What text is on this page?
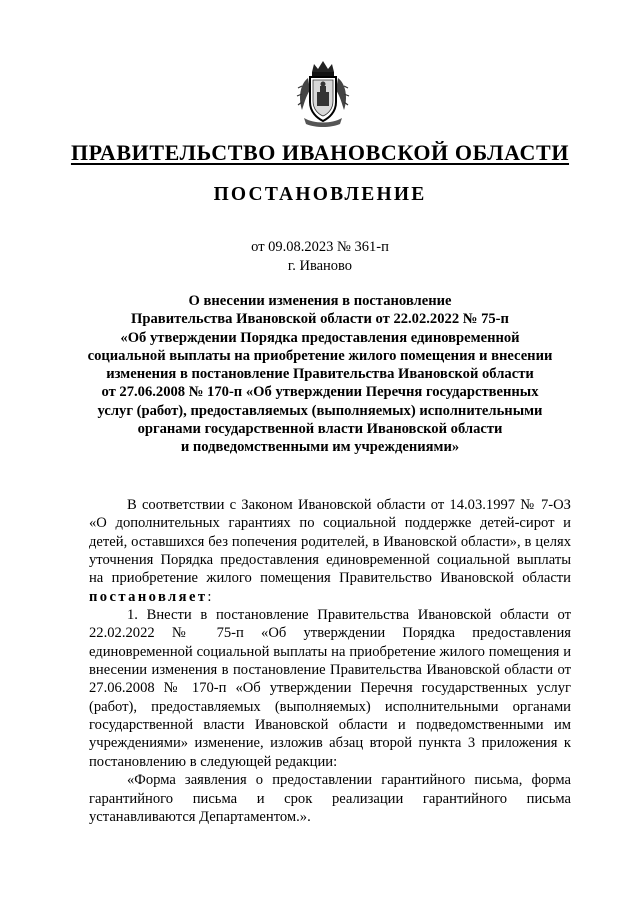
ПРАВИТЕЛЬСТВО ИВАНОВСКОЙ ОБЛАСТИ
ПОСТАНОВЛЕНИЕ
от 09.08.2023 № 361-п
г. Иваново
О внесении изменения в постановление
Правительства Ивановской области от 22.02.2022 № 75-п
«Об утверждении Порядка предоставления единовременной
социальной выплаты на приобретение жилого помещения и внесении
изменения в постановление Правительства Ивановской области
от 27.06.2008 № 170-п «Об утверждении Перечня государственных
услуг (работ), предоставляемых (выполняемых) исполнительными
органами государственной власти Ивановской области
и подведомственными им учреждениями»

В соответствии с Законом Ивановской области от 14.03.1997 № 7-ОЗ «О дополнительных гарантиях по социальной поддержке детей-сирот и детей, оставшихся без попечения родителей, в Ивановской области», в целях уточнения Порядка предоставления единовременной социальной выплаты на приобретение жилого помещения Правительство Ивановской области постановляет:

1. Внести в постановление Правительства Ивановской области от 22.02.2022 № 75-п «Об утверждении Порядка предоставления единовременной социальной выплаты на приобретение жилого помещения и внесении изменения в постановление Правительства Ивановской области от 27.06.2008 № 170-п «Об утверждении Перечня государственных услуг (работ), предоставляемых (выполняемых) исполнительными органами государственной власти Ивановской области и подведомственными им учреждениями» изменение, изложив абзац второй пункта 3 приложения к постановлению в следующей редакции:

«Форма заявления о предоставлении гарантийного письма, форма гарантийного письма и срок реализации гарантийного письма устанавливаются Департаментом.».
